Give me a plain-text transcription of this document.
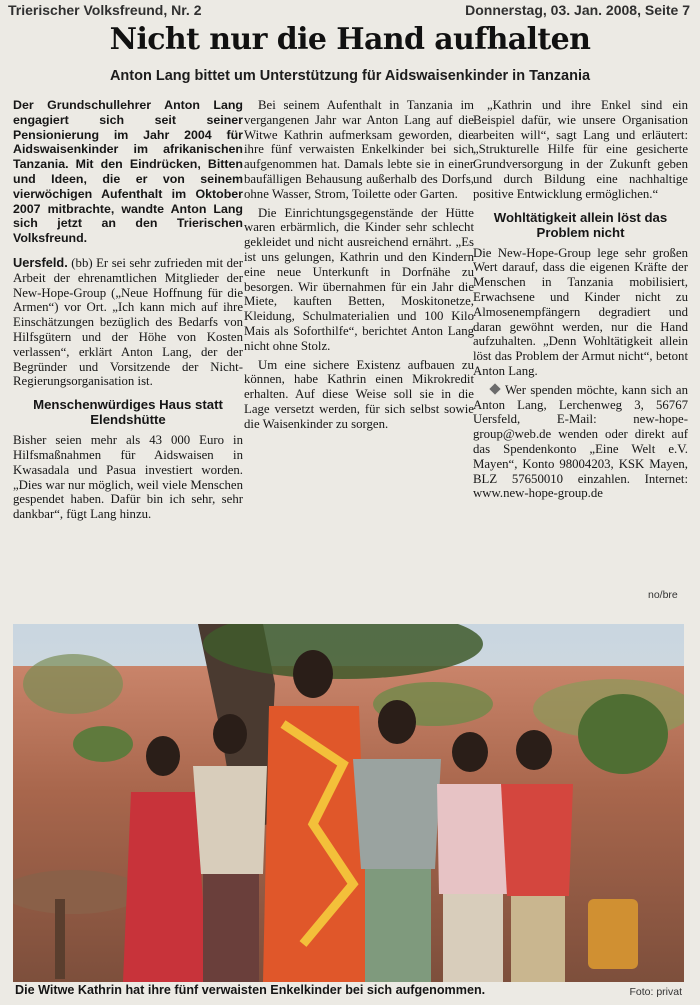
Trierischer Volksfreund, Nr. 2	Donnerstag, 03. Jan. 2008, Seite 7
Nicht nur die Hand aufhalten
Anton Lang bittet um Unterstützung für Aidswaisenkinder in Tanzania
Der Grundschullehrer Anton Lang engagiert sich seit seiner Pensionierung im Jahr 2004 für Aidswaisenkinder im afrikanischen Tanzania. Mit den Eindrücken, Bitten und Ideen, die er von seinem vierwöchigen Aufenthalt im Oktober 2007 mitbrachte, wandte Anton Lang sich jetzt an den Trierischen Volksfreund.

Uersfeld. (bb) Er sei sehr zufrieden mit der Arbeit der ehrenamtlichen Mitglieder der New-Hope-Group („Neue Hoffnung für die Armen“) vor Ort. „Ich kann mich auf ihre Einschätzungen bezüglich des Bedarfs von Hilfsgütern und der Höhe von Kosten verlassen“, erklärt Anton Lang, der der Begründer und Vorsitzende der Nicht-Regierungsorganisation ist.

Menschenwürdiges Haus statt Elendshütte

Bisher seien mehr als 43 000 Euro in Hilfsmaßnahmen für Aidswaisen in Kwasadala und Pasua investiert worden. „Dies war nur möglich, weil viele Menschen gespendet haben. Dafür bin ich sehr, sehr dankbar“, fügt Lang hinzu.

Bei seinem Aufenthalt in Tanzania im vergangenen Jahr war Anton Lang auf die Witwe Kathrin aufmerksam geworden, die ihre fünf verwaisten Enkelkinder bei sich aufgenommen hat. Damals lebte sie in einer baufälligen Behausung außerhalb des Dorfs, ohne Wasser, Strom, Toilette oder Garten.

Die Einrichtungsgegenstände der Hütte waren erbärmlich, die Kinder sehr schlecht gekleidet und nicht ausreichend ernährt. „Es ist uns gelungen, Kathrin und den Kindern eine neue Unterkunft in Dorfnähe zu besorgen. Wir übernahmen für ein Jahr die Miete, kauften Betten, Moskitonetze, Kleidung, Schulmaterialien und 100 Kilo Mais als Soforthilfe“, berichtet Anton Lang nicht ohne Stolz.

Um eine sichere Existenz aufbauen zu können, habe Kathrin einen Mikrokredit erhalten. Auf diese Weise soll sie in die Lage versetzt werden, für sich selbst sowie die Waisenkinder zu sorgen.

„Kathrin und ihre Enkel sind ein Beispiel dafür, wie unsere Organisation arbeiten will“, sagt Lang und erläutert: „Strukturelle Hilfe für eine gesicherte Grundversorgung in der Zukunft geben und durch Bildung eine nachhaltige positive Entwicklung ermöglichen.“

Wohltätigkeit allein löst das Problem nicht

Die New-Hope-Group lege sehr großen Wert darauf, dass die eigenen Kräfte der Menschen in Tanzania mobilisiert, Erwachsene und Kinder nicht zu Almosenempfängern degradiert und daran gewöhnt werden, nur die Hand aufzuhalten. „Denn Wohltätigkeit allein löst das Problem der Armut nicht“, betont Anton Lang.

Wer spenden möchte, kann sich an Anton Lang, Lerchenweg 3, 56767 Uersfeld, E-Mail: new-hope-group@web.de wenden oder direkt auf das Spendenkonto „Eine Welt e.V. Mayen“, Konto 98004203, KSK Mayen, BLZ 57650010 einzahlen. Internet: www.new-hope-group.de

no/bre
Die Witwe Kathrin hat ihre fünf verwaisten Enkelkinder bei sich aufgenommen.	Foto: privat
